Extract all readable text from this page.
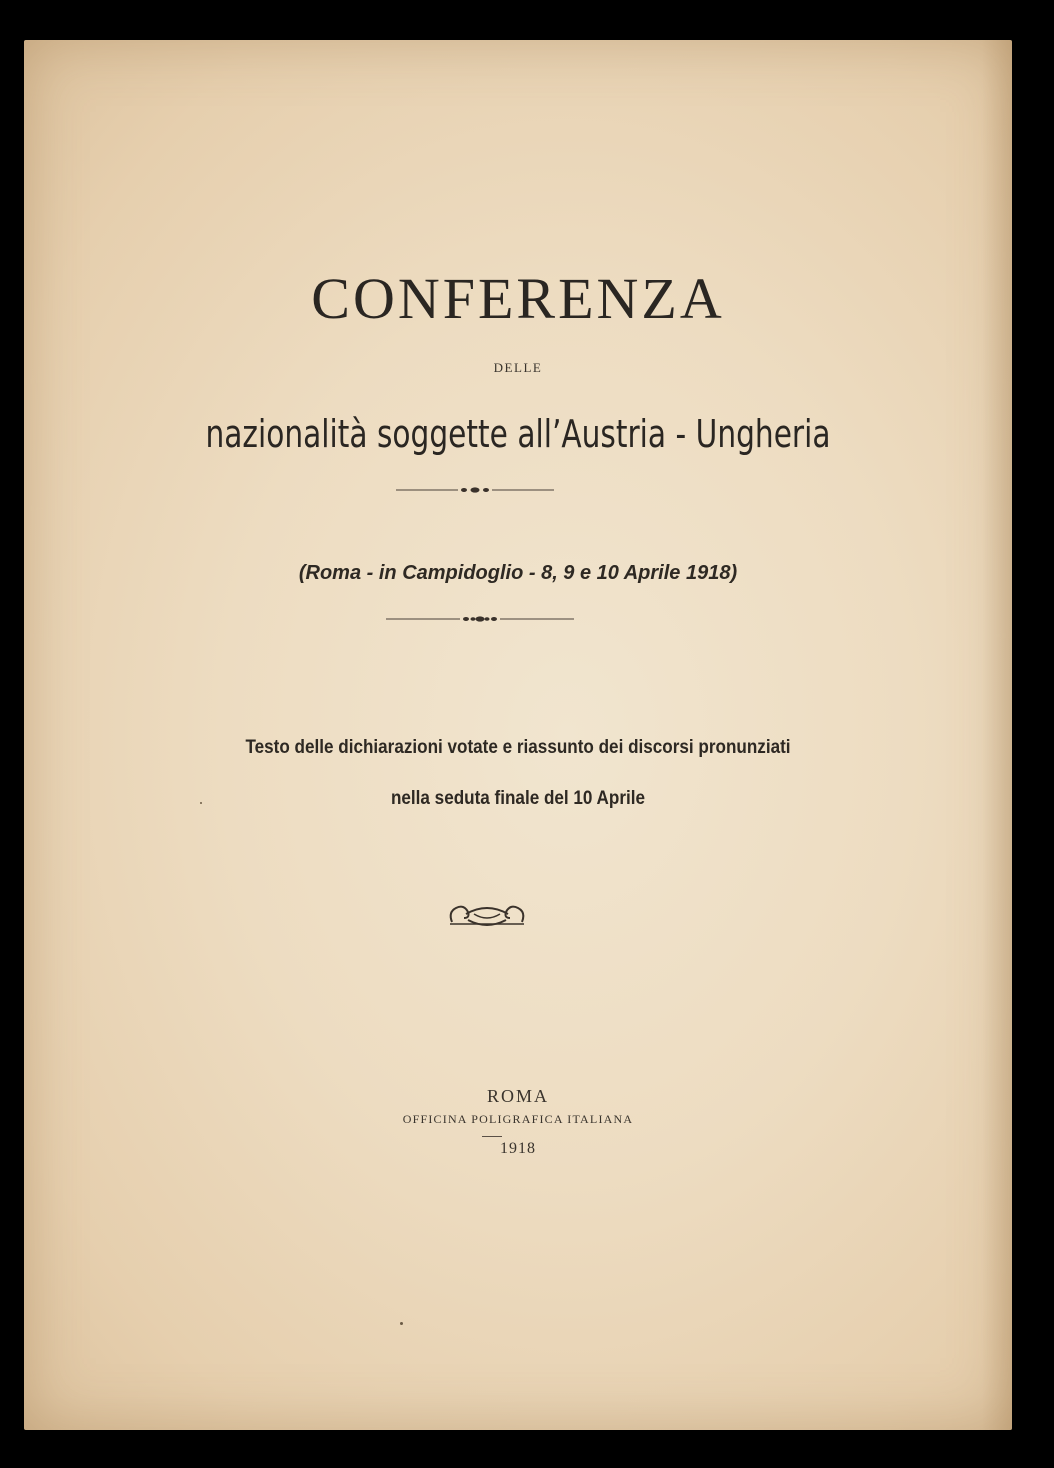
CONFERENZA
DELLE
nazionalità soggette all’Austria - Ungheria
(Roma - in Campidoglio - 8, 9 e 10 Aprile 1918)
Testo delle dichiarazioni votate e riassunto dei discorsi pronunziati
nella seduta finale del 10 Aprile
ROMA
OFFICINA POLIGRAFICA ITALIANA
1918
